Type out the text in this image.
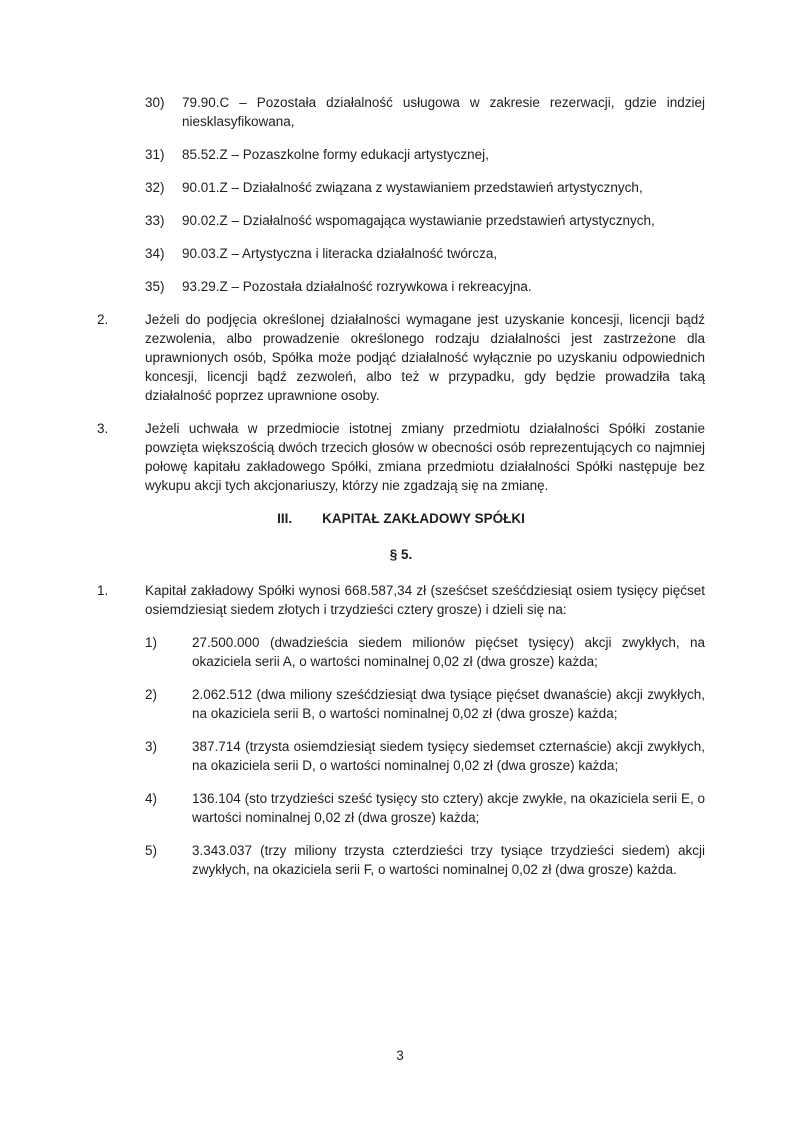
30)	79.90.C – Pozostała działalność usługowa w zakresie rezerwacji, gdzie indziej niesklasyfikowana,
31)	85.52.Z – Pozaszkolne formy edukacji artystycznej,
32)	90.01.Z – Działalność związana z wystawianiem przedstawień artystycznych,
33)	90.02.Z – Działalność wspomagająca wystawianie przedstawień artystycznych,
34)	90.03.Z – Artystyczna i literacka działalność twórcza,
35)	93.29.Z – Pozostała działalność rozrywkowa i rekreacyjna.
2.	Jeżeli do podjęcia określonej działalności wymagane jest uzyskanie koncesji, licencji bądź zezwolenia, albo prowadzenie określonego rodzaju działalności jest zastrzeżone dla uprawnionych osób, Spółka może podjąć działalność wyłącznie po uzyskaniu odpowiednich koncesji, licencji bądź zezwoleń, albo też w przypadku, gdy będzie prowadziła taką działalność poprzez uprawnione osoby.
3.	Jeżeli uchwała w przedmiocie istotnej zmiany przedmiotu działalności Spółki zostanie powzięta większością dwóch trzecich głosów w obecności osób reprezentujących co najmniej połowę kapitału zakładowego Spółki, zmiana przedmiotu działalności Spółki następuje bez wykupu akcji tych akcjonariuszy, którzy nie zgadzają się na zmianę.
III. KAPITAŁ ZAKŁADOWY SPÓŁKI
§ 5.
1.	Kapitał zakładowy Spółki wynosi 668.587,34 zł (sześćset sześćdziesiąt osiem tysięcy pięćset osiemdziesiąt siedem złotych i trzydzieści cztery grosze) i dzieli się na:
1)	27.500.000 (dwadzieścia siedem milionów pięćset tysięcy) akcji zwykłych, na okaziciela serii A, o wartości nominalnej 0,02 zł (dwa grosze) każda;
2)	2.062.512 (dwa miliony sześćdziesiąt dwa tysiące pięćset dwanaście) akcji zwykłych, na okaziciela serii B, o wartości nominalnej 0,02 zł (dwa grosze) każda;
3)	387.714 (trzysta osiemdziesiąt siedem tysięcy siedemset czternaście) akcji zwykłych, na okaziciela serii D, o wartości nominalnej 0,02 zł (dwa grosze) każda;
4)	136.104 (sto trzydzieści sześć tysięcy sto cztery) akcje zwykłe, na okaziciela serii E, o wartości nominalnej 0,02 zł (dwa grosze) każda;
5)	3.343.037 (trzy miliony trzysta czterdzieści trzy tysiące trzydzieści siedem) akcji zwykłych, na okaziciela serii F, o wartości nominalnej 0,02 zł (dwa grosze) każda.
3
